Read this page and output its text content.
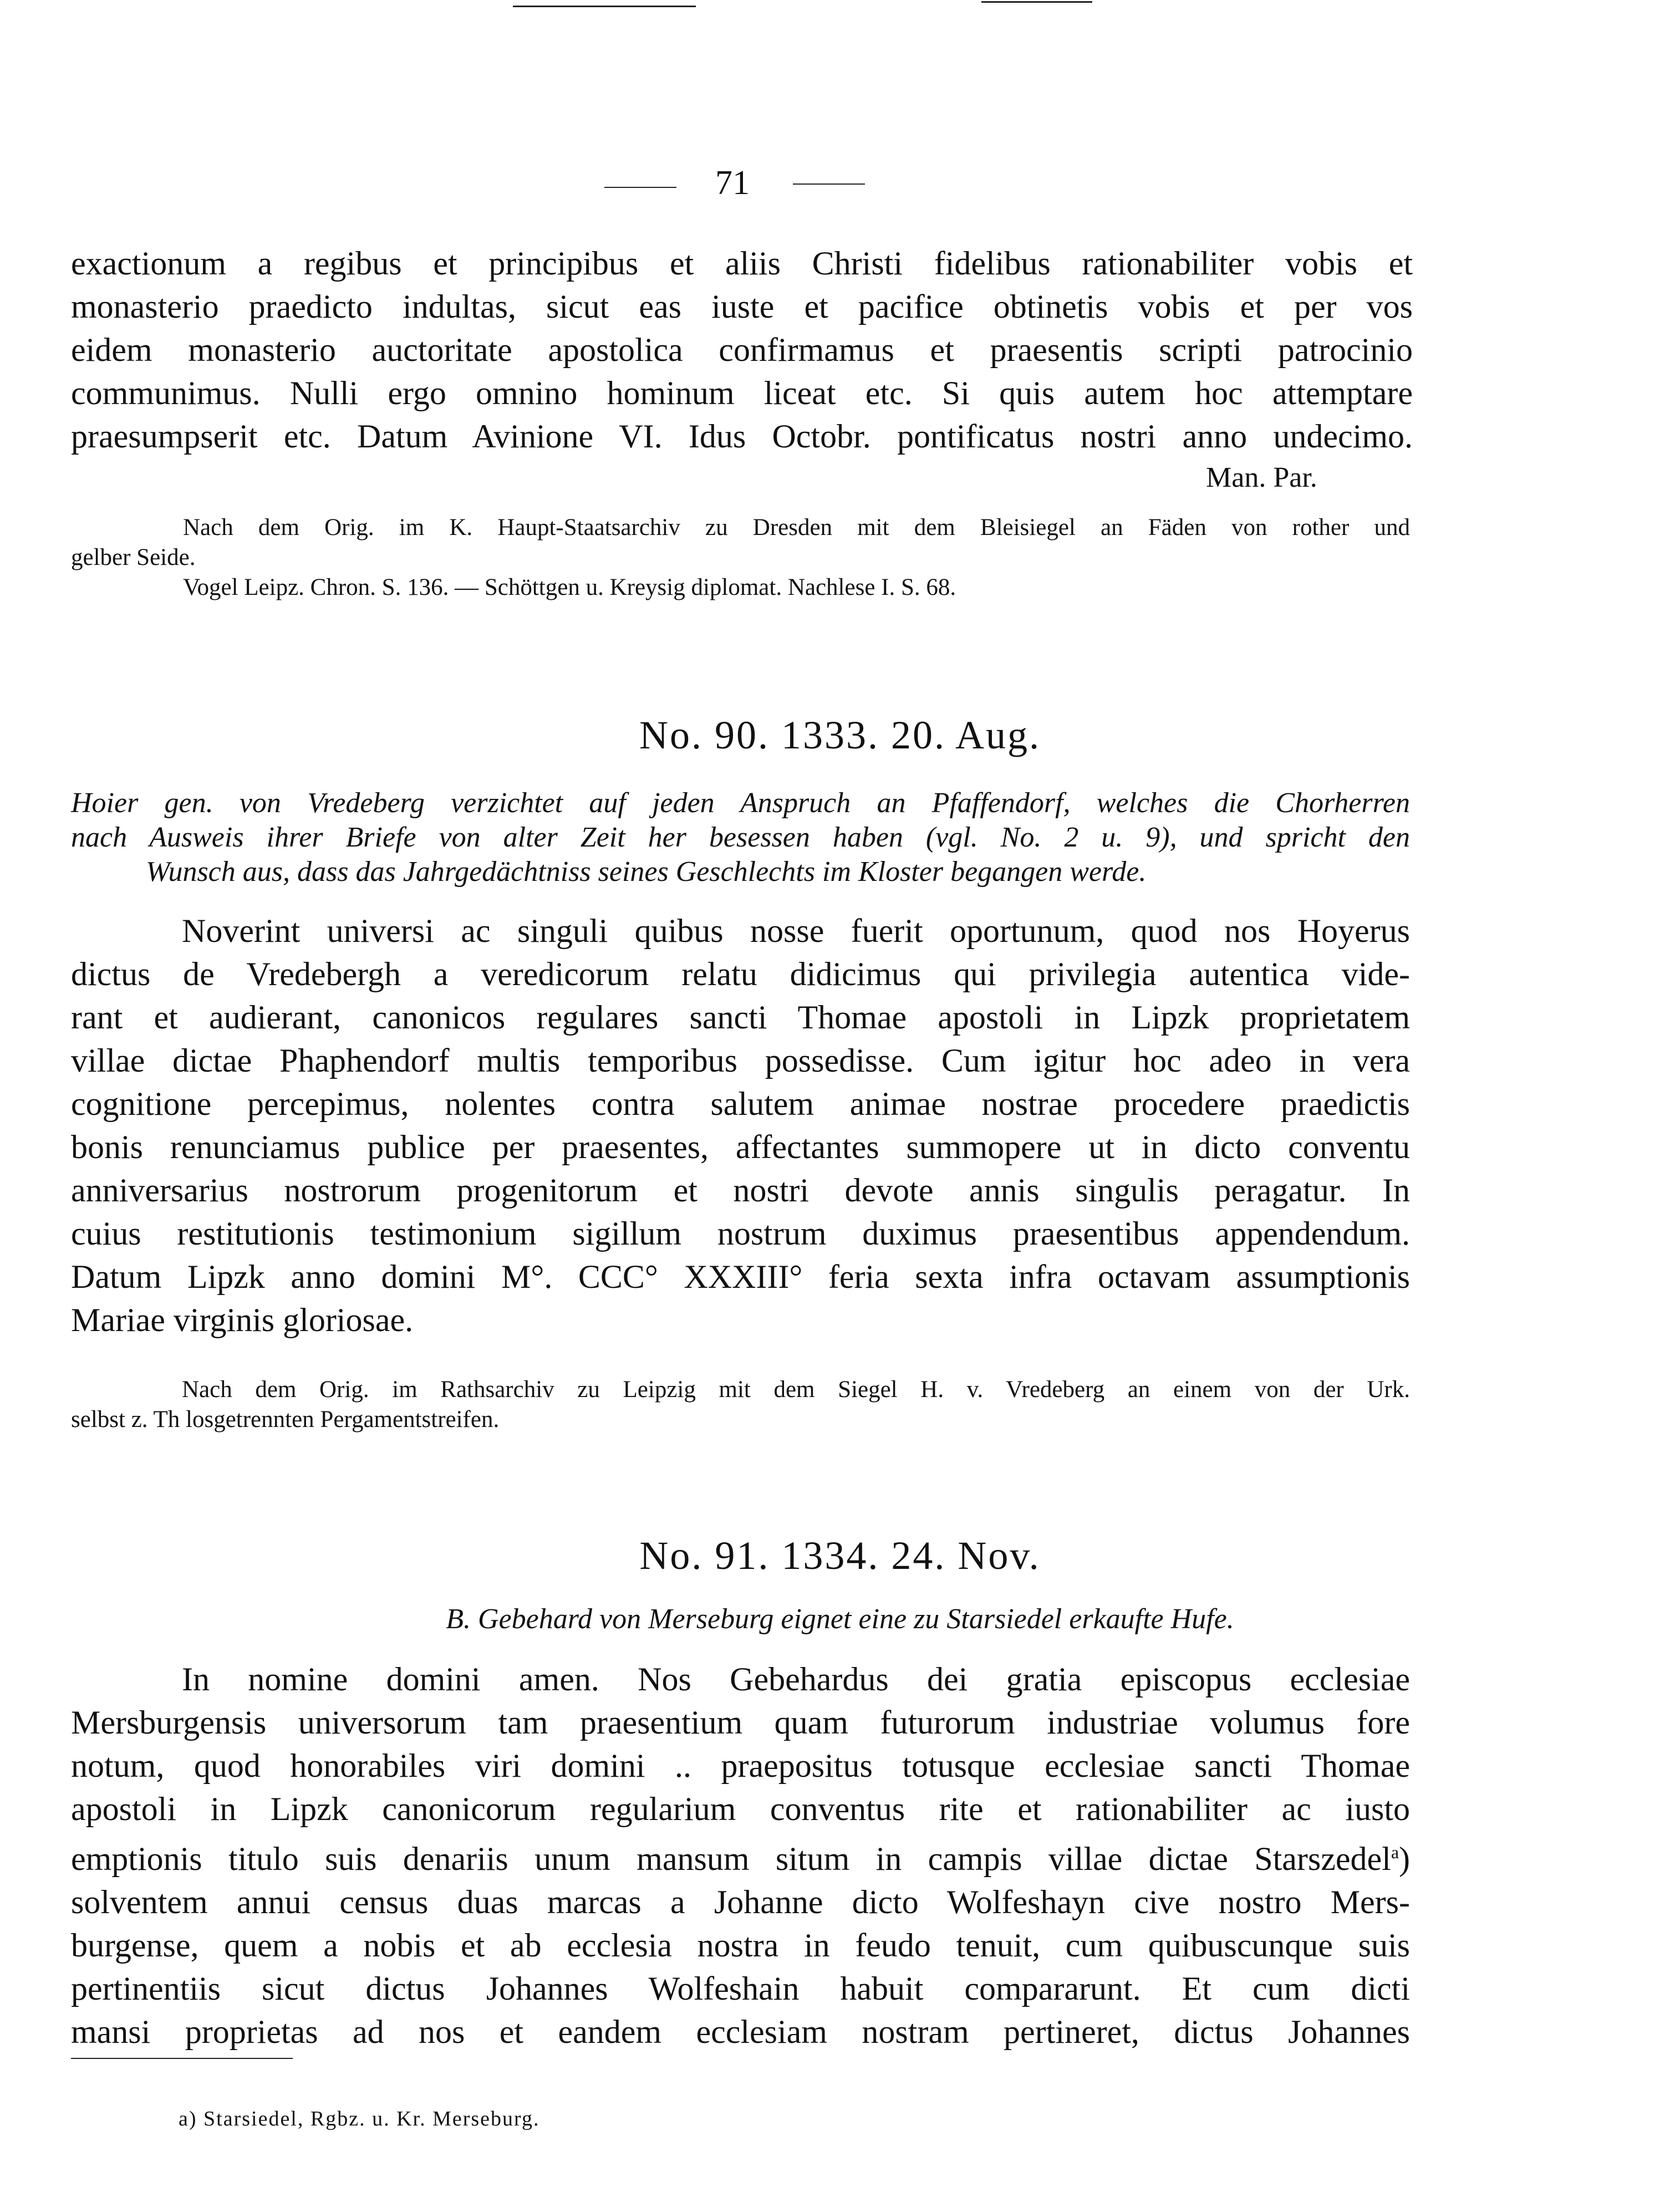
71
exactionum a regibus et principibus et aliis Christi fidelibus rationabiliter vobis et
monasterio praedicto indultas, sicut eas iuste et pacifice obtinetis vobis et per vos
eidem monasterio auctoritate apostolica confirmamus et praesentis scripti patrocinio
communimus. Nulli ergo omnino hominum liceat etc. Si quis autem hoc attemptare
praesumpserit etc. Datum Avinione VI. Idus Octobr. pontificatus nostri anno undecimo.
Man. Par.
Nach dem Orig. im K. Haupt-Staatsarchiv zu Dresden mit dem Bleisiegel an Fäden von rother und
gelber Seide.
Vogel Leipz. Chron. S. 136. — Schöttgen u. Kreysig diplomat. Nachlese I. S. 68.
No. 90. 1333. 20. Aug.
Hoier gen. von Vredeberg verzichtet auf jeden Anspruch an Pfaffendorf, welches die Chorherren
nach Ausweis ihrer Briefe von alter Zeit her besessen haben (vgl. No. 2 u. 9), und spricht den
Wunsch aus, dass das Jahrgedächtniss seines Geschlechts im Kloster begangen werde.
Noverint universi ac singuli quibus nosse fuerit oportunum, quod nos Hoyerus
dictus de Vredebergh a veredicorum relatu didicimus qui privilegia autentica vide-
rant et audierant, canonicos regulares sancti Thomae apostoli in Lipzk proprietatem
villae dictae Phaphendorf multis temporibus possedisse. Cum igitur hoc adeo in vera
cognitione percepimus, nolentes contra salutem animae nostrae procedere praedictis
bonis renunciamus publice per praesentes, affectantes summopere ut in dicto conventu
anniversarius nostrorum progenitorum et nostri devote annis singulis peragatur. In
cuius restitutionis testimonium sigillum nostrum duximus praesentibus appendendum.
Datum Lipzk anno domini M°. CCC° XXXIII° feria sexta infra octavam assumptionis
Mariae virginis gloriosae.
Nach dem Orig. im Rathsarchiv zu Leipzig mit dem Siegel H. v. Vredeberg an einem von der Urk.
selbst z. Th losgetrennten Pergamentstreifen.
No. 91. 1334. 24. Nov.
B. Gebehard von Merseburg eignet eine zu Starsiedel erkaufte Hufe.
In nomine domini amen. Nos Gebehardus dei gratia episcopus ecclesiae
Mersburgensis universorum tam praesentium quam futurorum industriae volumus fore
notum, quod honorabiles viri domini .. praepositus totusque ecclesiae sancti Thomae
apostoli in Lipzk canonicorum regularium conventus rite et rationabiliter ac iusto
emptionis titulo suis denariis unum mansum situm in campis villae dictae Starszedel$^a$)
solventem annui census duas marcas a Johanne dicto Wolfeshayn cive nostro Mers-
burgense, quem a nobis et ab ecclesia nostra in feudo tenuit, cum quibuscunque suis
pertinentiis sicut dictus Johannes Wolfeshain habuit compararunt. Et cum dicti
mansi proprietas ad nos et eandem ecclesiam nostram pertineret, dictus Johannes
a) Starsiedel, Rgbz. u. Kr. Merseburg.
